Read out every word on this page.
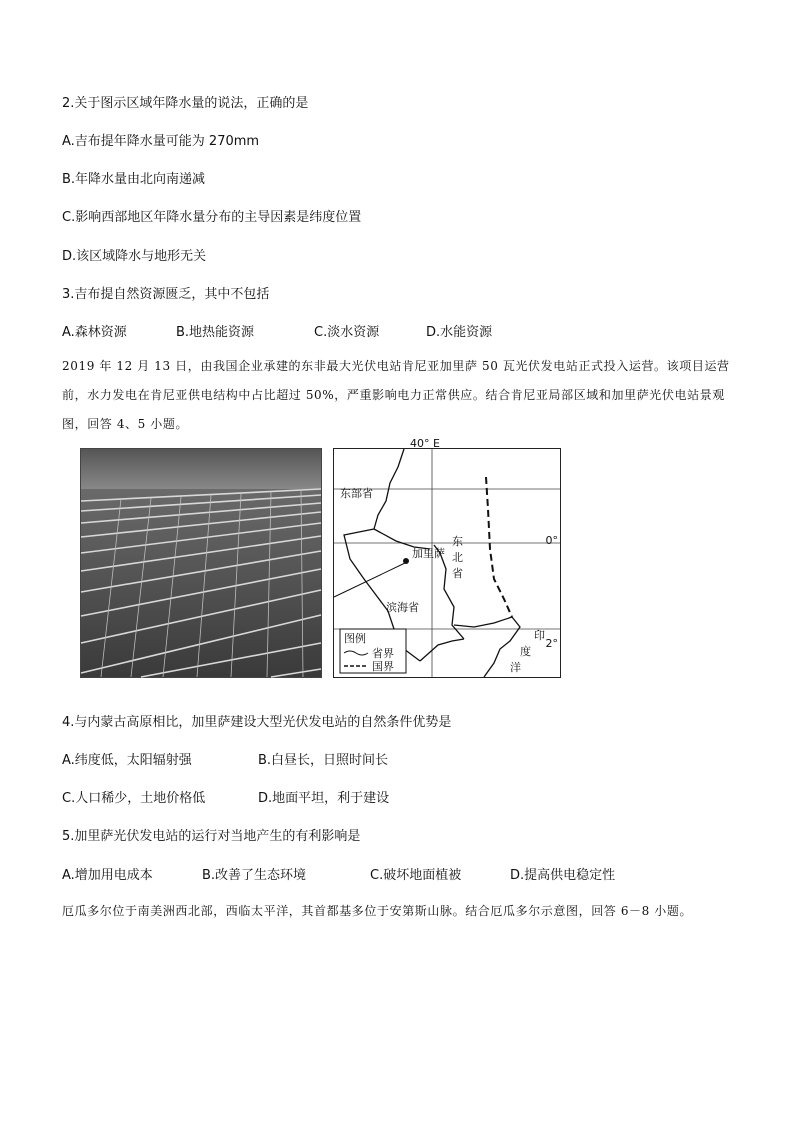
2.关于图示区域年降水量的说法，正确的是
A.吉布提年降水量可能为 270mm
B.年降水量由北向南递减
C.影响西部地区年降水量分布的主导因素是纬度位置
D.该区域降水与地形无关
3.吉布提自然资源匮乏，其中不包括
A.森林资源	B.地热能资源	C.淡水资源	D.水能资源
2019 年 12 月 13 日，由我国企业承建的东非最大光伏电站肯尼亚加里萨 50 瓦光伏发电站正式投入运营。该项目运营前，水力发电在肯尼亚供电结构中占比超过 50%，严重影响电力正常供应。结合肯尼亚局部区域和加里萨光伏电站景观图，回答 4、5 小题。
40° E
东部省
加里萨
东
北
省
滨海省
0°
2°
印
度
洋
图例
省界
国界
4.与内蒙古高原相比，加里萨建设大型光伏发电站的自然条件优势是
A.纬度低，太阳辐射强	B.白昼长，日照时间长
C.人口稀少，土地价格低	D.地面平坦，利于建设
5.加里萨光伏发电站的运行对当地产生的有利影响是
A.增加用电成本	B.改善了生态环境	C.破坏地面植被	D.提高供电稳定性
厄瓜多尔位于南美洲西北部，西临太平洋，其首都基多位于安第斯山脉。结合厄瓜多尔示意图，回答 6－8 小题。
